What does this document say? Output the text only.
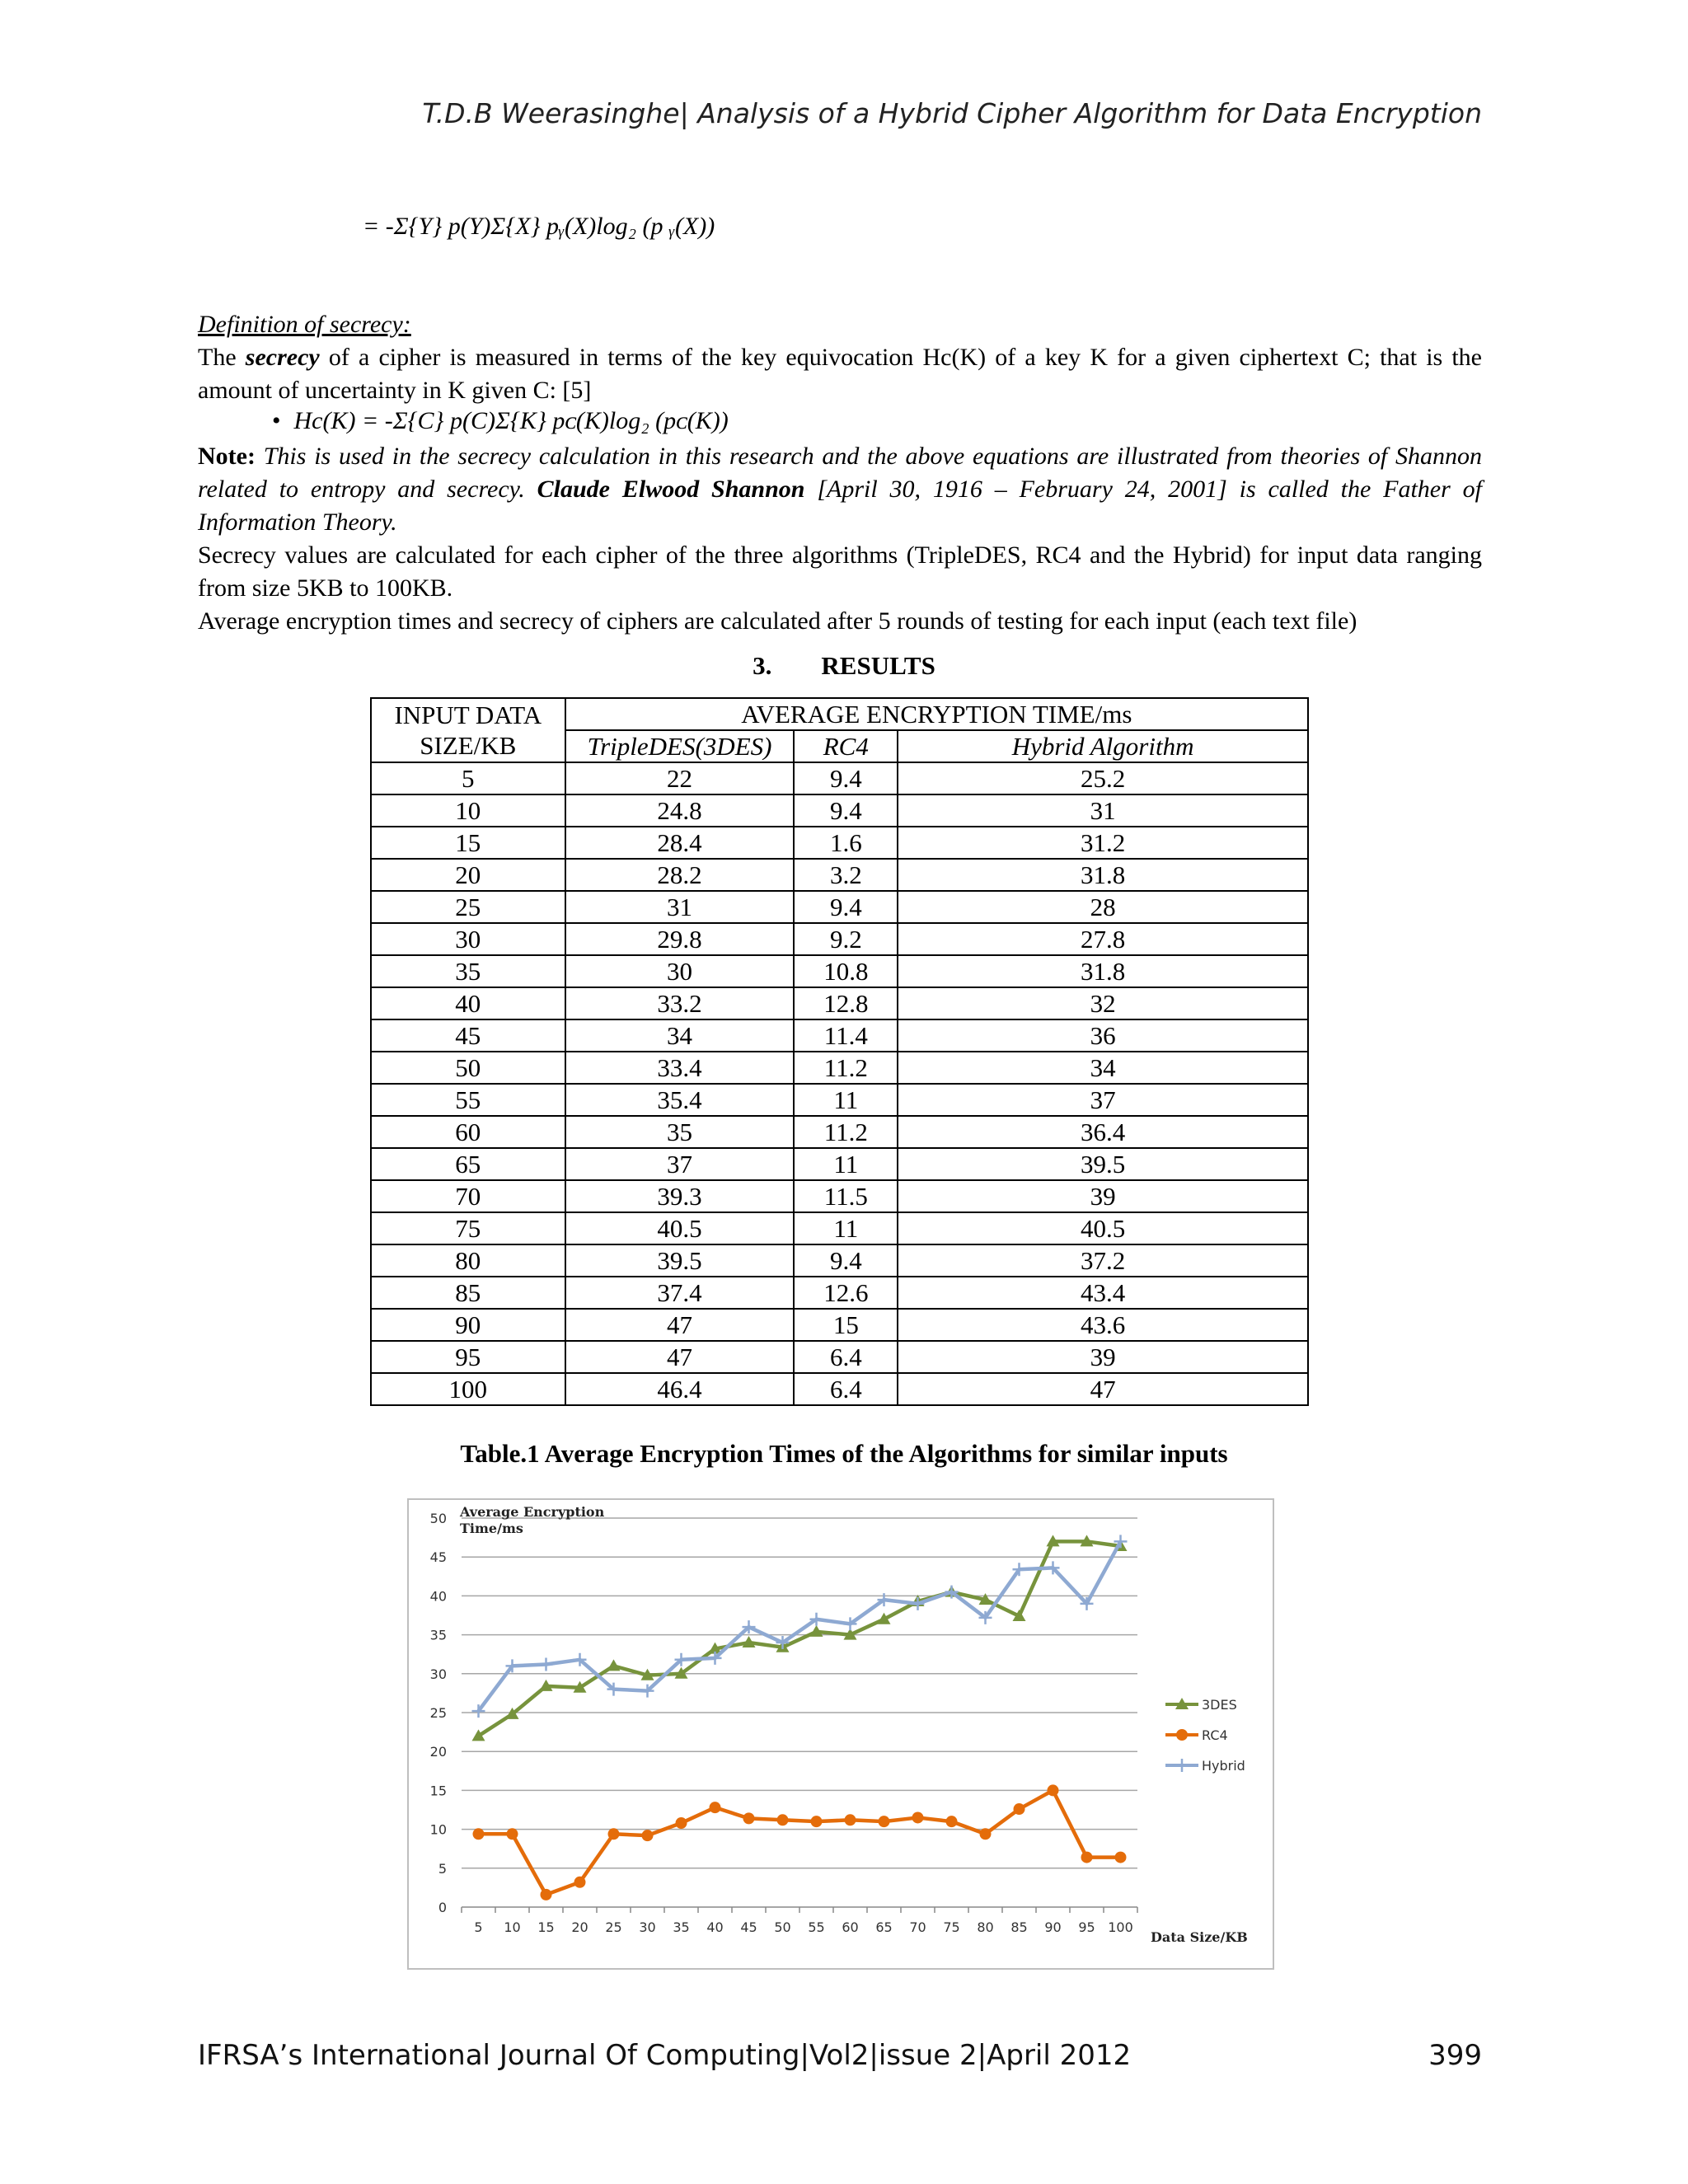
T.D.B Weerasinghe| Analysis of a Hybrid Cipher Algorithm for Data Encryption
= -Σ{Y} p(Y)Σ{X} pᵧ(X)log₂ (p ᵧ(X))
Definition of secrecy:
The secrecy of a cipher is measured in terms of the key equivocation Hc(K) of a key K for a given ciphertext C; that is the amount of uncertainty in K given C: [5]
• Hc(K) = -Σ{C} p(C)Σ{K} pᴄ(K)log₂ (pᴄ(K))
Note: This is used in the secrecy calculation in this research and the above equations are illustrated from theories of Shannon related to entropy and secrecy. Claude Elwood Shannon [April 30, 1916 – February 24, 2001] is called the Father of Information Theory.
Secrecy values are calculated for each cipher of the three algorithms (TripleDES, RC4 and the Hybrid) for input data ranging from size 5KB to 100KB.
Average encryption times and secrecy of ciphers are calculated after 5 rounds of testing for each input (each text file)
3. RESULTS
INPUT DATA
SIZE/KB	AVERAGE ENCRYPTION TIME/ms		
	TripleDES(3DES)	RC4	Hybrid Algorithm
5	22	9.4	25.2
10	24.8	9.4	31
15	28.4	1.6	31.2
20	28.2	3.2	31.8
25	31	9.4	28
30	29.8	9.2	27.8
35	30	10.8	31.8
40	33.2	12.8	32
45	34	11.4	36
50	33.4	11.2	34
55	35.4	11	37
60	35	11.2	36.4
65	37	11	39.5
70	39.3	11.5	39
75	40.5	11	40.5
80	39.5	9.4	37.2
85	37.4	12.6	43.4
90	47	15	43.6
95	47	6.4	39
100	46.4	6.4	47
Table.1 Average Encryption Times of the Algorithms for similar inputs
0
5
10
15
20
25
30
35
40
45
50
5 10 15 20 25 30 35 40 45 50 55 60 65 70 75 80 85 90 95 100
Average Encryption
Time/ms
Data Size/KB
3DES
RC4
Hybrid
IFRSA’s International Journal Of Computing|Vol2|issue 2|April 2012	399
